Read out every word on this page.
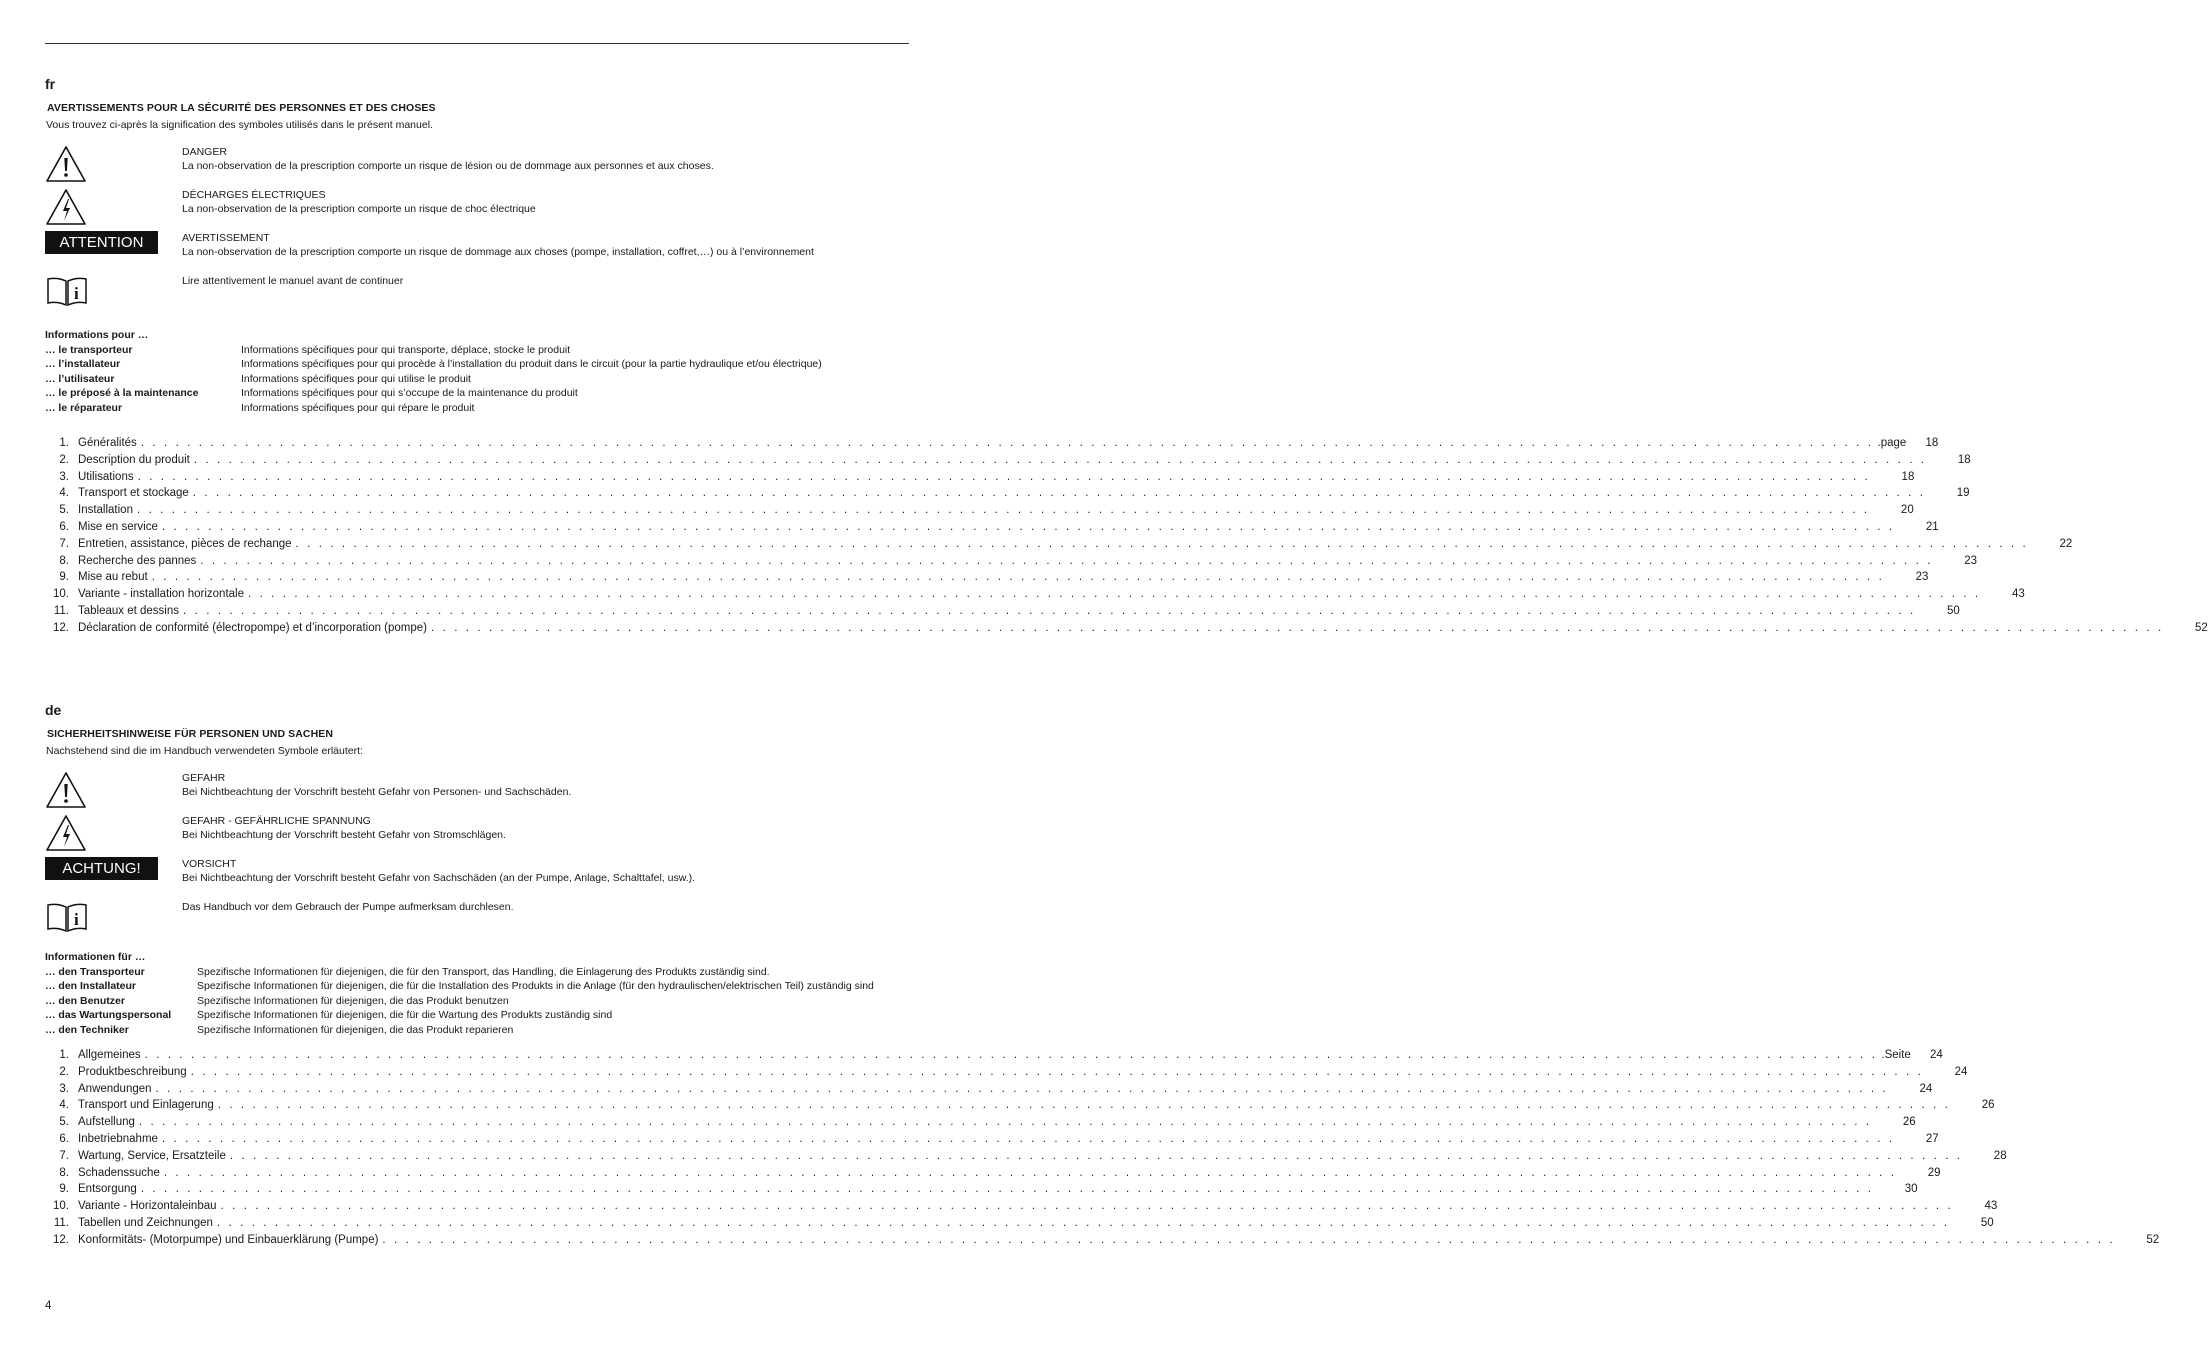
fr
AVERTISSEMENTS POUR LA SÉCURITÉ DES PERSONNES ET DES CHOSES
Vous trouvez ci-après la signification des symboles utilisés dans le présent manuel.
DANGER
La non-observation de la prescription comporte un risque de lésion ou de dommage aux personnes et aux choses.
DÉCHARGES ÉLECTRIQUES
La non-observation de la prescription comporte un risque de choc électrique
ATTENTION	AVERTISSEMENT
La non-observation de la prescription comporte un risque de dommage aux choses (pompe, installation, coffret,…) ou à l’environnement
i
Lire attentivement le manuel avant de continuer
Informations pour …
… le transporteur	Informations spécifiques pour qui transporte, déplace, stocke le produit
… l’installateur	Informations spécifiques pour qui procède à l’installation du produit dans le circuit (pour la partie hydraulique et/ou électrique)
… l’utilisateur	Informations spécifiques pour qui utilise le produit
… le préposé à la maintenance	Informations spécifiques pour qui s’occupe de la maintenance du produit
… le réparateur	Informations spécifiques pour qui répare le produit
1. Généralités . . . . . . . . . . . . . . . . . . . . . . . . . . . . . . . . . . . . . . . . . . . . . . . . . . . . . . . . . . . . . . . . . . . . . . . . . . . . . . . . . . . . . . . . . . . . . . . . . . . . . . . . . . . . . . . . . . . . . . . . . . . . . . . . . . . . . . . . . . . . . . . . . . . . . . .page	18
2. Description du produit . . . . . . . . . . . . . . . . . . . . . . . . . . . . . . . . . . . . . . . . . . . . . . . . . . . . . . . . . . . . . . . . . . . . . . . . . . . . . . . . . . . . . . . . . . . . . . . . . . . . . . . . . . . . . . . . . . . . . . . . . . . . . . . . . . . . . . . . . . . . . . . . . . . . . .	18
3. Utilisations . . . . . . . . . . . . . . . . . . . . . . . . . . . . . . . . . . . . . . . . . . . . . . . . . . . . . . . . . . . . . . . . . . . . . . . . . . . . . . . . . . . . . . . . . . . . . . . . . . . . . . . . . . . . . . . . . . . . . . . . . . . . . . . . . . . . . . . . . . . . . . . . . . . . . .	18
4. Transport et stockage . . . . . . . . . . . . . . . . . . . . . . . . . . . . . . . . . . . . . . . . . . . . . . . . . . . . . . . . . . . . . . . . . . . . . . . . . . . . . . . . . . . . . . . . . . . . . . . . . . . . . . . . . . . . . . . . . . . . . . . . . . . . . . . . . . . . . . . . . . . . . . . . . . . . . .	19
5. Installation . . . . . . . . . . . . . . . . . . . . . . . . . . . . . . . . . . . . . . . . . . . . . . . . . . . . . . . . . . . . . . . . . . . . . . . . . . . . . . . . . . . . . . . . . . . . . . . . . . . . . . . . . . . . . . . . . . . . . . . . . . . . . . . . . . . . . . . . . . . . . . . . . . . . . .	20
6. Mise en service . . . . . . . . . . . . . . . . . . . . . . . . . . . . . . . . . . . . . . . . . . . . . . . . . . . . . . . . . . . . . . . . . . . . . . . . . . . . . . . . . . . . . . . . . . . . . . . . . . . . . . . . . . . . . . . . . . . . . . . . . . . . . . . . . . . . . . . . . . . . . . . . . . . . . .	21
7. Entretien, assistance, pièces de rechange . . . . . . . . . . . . . . . . . . . . . . . . . . . . . . . . . . . . . . . . . . . . . . . . . . . . . . . . . . . . . . . . . . . . . . . . . . . . . . . . . . . . . . . . . . . . . . . . . . . . . . . . . . . . . . . . . . . . . . . . . . . . . . . . . . . . . . . . . . . . . . . . . . . . . .	22
8. Recherche des pannes . . . . . . . . . . . . . . . . . . . . . . . . . . . . . . . . . . . . . . . . . . . . . . . . . . . . . . . . . . . . . . . . . . . . . . . . . . . . . . . . . . . . . . . . . . . . . . . . . . . . . . . . . . . . . . . . . . . . . . . . . . . . . . . . . . . . . . . . . . . . . . . . . . . . . .	23
9. Mise au rebut . . . . . . . . . . . . . . . . . . . . . . . . . . . . . . . . . . . . . . . . . . . . . . . . . . . . . . . . . . . . . . . . . . . . . . . . . . . . . . . . . . . . . . . . . . . . . . . . . . . . . . . . . . . . . . . . . . . . . . . . . . . . . . . . . . . . . . . . . . . . . . . . . . . . . .	23
10. Variante - installation horizontale . . . . . . . . . . . . . . . . . . . . . . . . . . . . . . . . . . . . . . . . . . . . . . . . . . . . . . . . . . . . . . . . . . . . . . . . . . . . . . . . . . . . . . . . . . . . . . . . . . . . . . . . . . . . . . . . . . . . . . . . . . . . . . . . . . . . . . . . . . . . . . . . . . . . . .	43
11. Tableaux et dessins . . . . . . . . . . . . . . . . . . . . . . . . . . . . . . . . . . . . . . . . . . . . . . . . . . . . . . . . . . . . . . . . . . . . . . . . . . . . . . . . . . . . . . . . . . . . . . . . . . . . . . . . . . . . . . . . . . . . . . . . . . . . . . . . . . . . . . . . . . . . . . . . . . . . . .	50
12. Déclaration de conformité (électropompe) et d’incorporation (pompe) . . . . . . . . . . . . . . . . . . . . . . . . . . . . . . . . . . . . . . . . . . . . . . . . . . . . . . . . . . . . . . . . . . . . . . . . . . . . . . . . . . . . . . . . . . . . . . . . . . . . . . . . . . . . . . . . . . . . . . . . . . . . . . . . . . . . . . . . . . . . . . . . . . . . . .	52
de
SICHERHEITSHINWEISE FÜR PERSONEN UND SACHEN
Nachstehend sind die im Handbuch verwendeten Symbole erläutert:
GEFAHR
Bei Nichtbeachtung der Vorschrift besteht Gefahr von Personen- und Sachschäden.
GEFAHR - GEFÄHRLICHE SPANNUNG
Bei Nichtbeachtung der Vorschrift besteht Gefahr von Stromschlägen.
ACHTUNG!	VORSICHT
Bei Nichtbeachtung der Vorschrift besteht Gefahr von Sachschäden (an der Pumpe, Anlage, Schalttafel, usw.).
i
Das Handbuch vor dem Gebrauch der Pumpe aufmerksam durchlesen.
Informationen für …
… den Transporteur	Spezifische Informationen für diejenigen, die für den Transport, das Handling, die Einlagerung des Produkts zuständig sind.
… den Installateur	Spezifische Informationen für diejenigen, die für die Installation des Produkts in die Anlage (für den hydraulischen/elektrischen Teil) zuständig sind
… den Benutzer	Spezifische Informationen für diejenigen, die das Produkt benutzen
… das Wartungspersonal	Spezifische Informationen für diejenigen, die für die Wartung des Produkts zuständig sind
… den Techniker	Spezifische Informationen für diejenigen, die das Produkt reparieren
1. Allgemeines . . . . . . . . . . . . . . . . . . . . . . . . . . . . . . . . . . . . . . . . . . . . . . . . . . . . . . . . . . . . . . . . . . . . . . . . . . . . . . . . . . . . . . . . . . . . . . . . . . . . . . . . . . . . . . . . . . . . . . . . . . . . . . . . . . . . . . . . . . . . . . . . . . . . . . .Seite	24
2. Produktbeschreibung . . . . . . . . . . . . . . . . . . . . . . . . . . . . . . . . . . . . . . . . . . . . . . . . . . . . . . . . . . . . . . . . . . . . . . . . . . . . . . . . . . . . . . . . . . . . . . . . . . . . . . . . . . . . . . . . . . . . . . . . . . . . . . . . . . . . . . . . . . . . . . . . . . . . . .	24
3. Anwendungen . . . . . . . . . . . . . . . . . . . . . . . . . . . . . . . . . . . . . . . . . . . . . . . . . . . . . . . . . . . . . . . . . . . . . . . . . . . . . . . . . . . . . . . . . . . . . . . . . . . . . . . . . . . . . . . . . . . . . . . . . . . . . . . . . . . . . . . . . . . . . . . . . . . . . .	24
4. Transport und Einlagerung . . . . . . . . . . . . . . . . . . . . . . . . . . . . . . . . . . . . . . . . . . . . . . . . . . . . . . . . . . . . . . . . . . . . . . . . . . . . . . . . . . . . . . . . . . . . . . . . . . . . . . . . . . . . . . . . . . . . . . . . . . . . . . . . . . . . . . . . . . . . . . . . . . . . . .	26
5. Aufstellung . . . . . . . . . . . . . . . . . . . . . . . . . . . . . . . . . . . . . . . . . . . . . . . . . . . . . . . . . . . . . . . . . . . . . . . . . . . . . . . . . . . . . . . . . . . . . . . . . . . . . . . . . . . . . . . . . . . . . . . . . . . . . . . . . . . . . . . . . . . . . . . . . . . . . .	26
6. Inbetriebnahme . . . . . . . . . . . . . . . . . . . . . . . . . . . . . . . . . . . . . . . . . . . . . . . . . . . . . . . . . . . . . . . . . . . . . . . . . . . . . . . . . . . . . . . . . . . . . . . . . . . . . . . . . . . . . . . . . . . . . . . . . . . . . . . . . . . . . . . . . . . . . . . . . . . . . .	27
7. Wartung, Service, Ersatzteile . . . . . . . . . . . . . . . . . . . . . . . . . . . . . . . . . . . . . . . . . . . . . . . . . . . . . . . . . . . . . . . . . . . . . . . . . . . . . . . . . . . . . . . . . . . . . . . . . . . . . . . . . . . . . . . . . . . . . . . . . . . . . . . . . . . . . . . . . . . . . . . . . . . . . .	28
8. Schadenssuche . . . . . . . . . . . . . . . . . . . . . . . . . . . . . . . . . . . . . . . . . . . . . . . . . . . . . . . . . . . . . . . . . . . . . . . . . . . . . . . . . . . . . . . . . . . . . . . . . . . . . . . . . . . . . . . . . . . . . . . . . . . . . . . . . . . . . . . . . . . . . . . . . . . . . .	29
9. Entsorgung . . . . . . . . . . . . . . . . . . . . . . . . . . . . . . . . . . . . . . . . . . . . . . . . . . . . . . . . . . . . . . . . . . . . . . . . . . . . . . . . . . . . . . . . . . . . . . . . . . . . . . . . . . . . . . . . . . . . . . . . . . . . . . . . . . . . . . . . . . . . . . . . . . . . . .	30
10. Variante - Horizontaleinbau . . . . . . . . . . . . . . . . . . . . . . . . . . . . . . . . . . . . . . . . . . . . . . . . . . . . . . . . . . . . . . . . . . . . . . . . . . . . . . . . . . . . . . . . . . . . . . . . . . . . . . . . . . . . . . . . . . . . . . . . . . . . . . . . . . . . . . . . . . . . . . . . . . . . . .	43
11. Tabellen und Zeichnungen . . . . . . . . . . . . . . . . . . . . . . . . . . . . . . . . . . . . . . . . . . . . . . . . . . . . . . . . . . . . . . . . . . . . . . . . . . . . . . . . . . . . . . . . . . . . . . . . . . . . . . . . . . . . . . . . . . . . . . . . . . . . . . . . . . . . . . . . . . . . . . . . . . . . . .	50
12. Konformitäts- (Motorpumpe) und Einbauerklärung (Pumpe) . . . . . . . . . . . . . . . . . . . . . . . . . . . . . . . . . . . . . . . . . . . . . . . . . . . . . . . . . . . . . . . . . . . . . . . . . . . . . . . . . . . . . . . . . . . . . . . . . . . . . . . . . . . . . . . . . . . . . . . . . . . . . . . . . . . . . . . . . . . . . . . . . . . . . .	52
4
